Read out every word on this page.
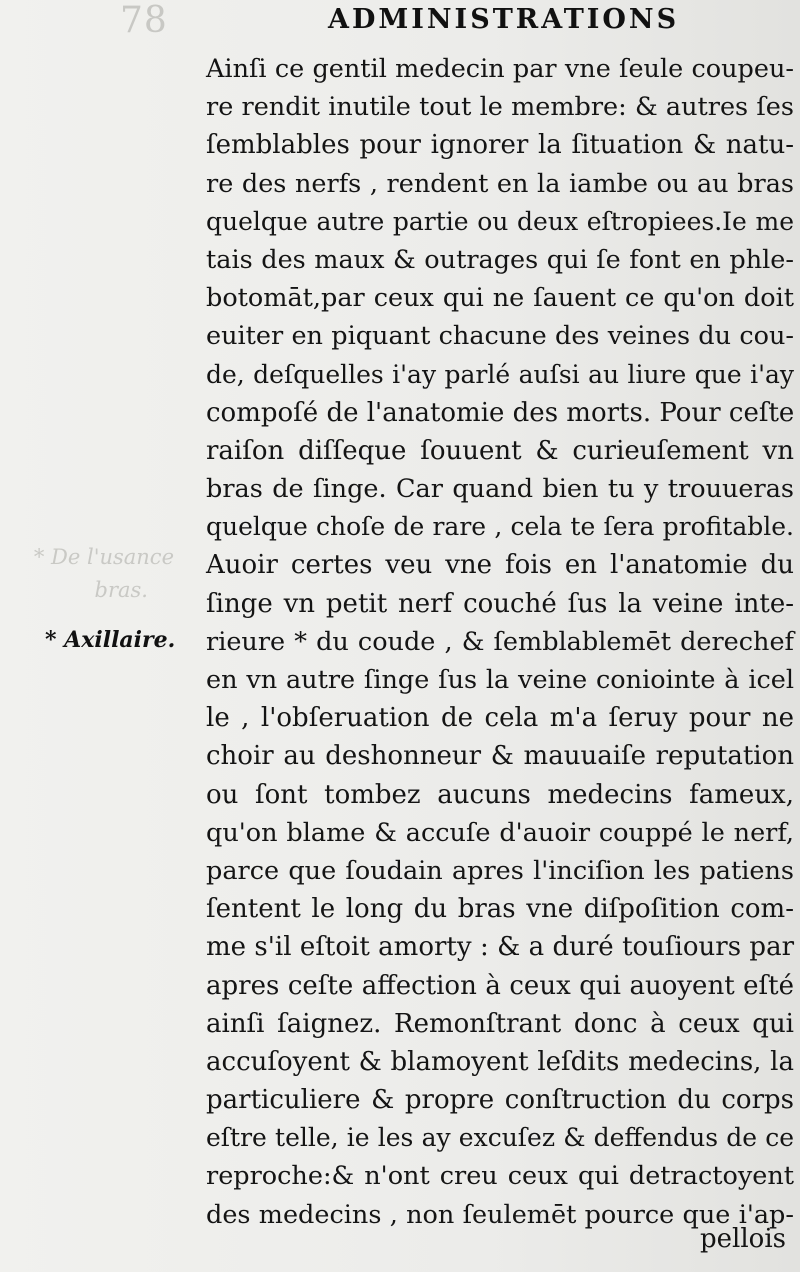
78	ADMINISTRATIONS
* De l'usance
bras.
* Axillaire.
Ainſi ce gentil medecin par vne ſeule coupeu-
re rendit inutile tout le membre: & autres ſes
ſemblables pour ignorer la ſituation & natu-
re des nerfs , rendent en la iambe ou au bras
quelque autre partie ou deux eſtropiees.Ie me
tais des maux & outrages qui ſe font en phle-
botomāt,par ceux qui ne ſauent ce qu'on doit
euiter en piquant chacune des veines du cou-
de, deſquelles i'ay parlé auſsi au liure que i'ay
compoſé de l'anatomie des morts. Pour ceſte
raiſon diſſeque ſouuent & curieuſement vn
bras de ſinge. Car quand bien tu y trouueras
quelque choſe de rare , cela te ſera profitable.
Auoir certes veu vne fois en l'anatomie du
ſinge vn petit nerf couché ſus la veine inte-
rieure * du coude , & ſemblablemēt derechef
en vn autre ſinge ſus la veine coniointe à icel
le , l'obſeruation de cela m'a ſeruy pour ne
choir au deshonneur & mauuaiſe reputation
ou ſont tombez aucuns medecins fameux,
qu'on blame & accuſe d'auoir couppé le nerf,
parce que ſoudain apres l'inciſion les patiens
ſentent le long du bras vne diſpoſition com-
me s'il eſtoit amorty : & a duré touſiours par
apres ceſte affection à ceux qui auoyent eſté
ainſi ſaignez. Remonſtrant donc à ceux qui
accuſoyent & blamoyent leſdits medecins, la
particuliere & propre conſtruction du corps
eſtre telle, ie les ay excuſez & deffendus de ce
reproche:& n'ont creu ceux qui detractoyent
des medecins , non ſeulemēt pource que i'ap-
pellois
